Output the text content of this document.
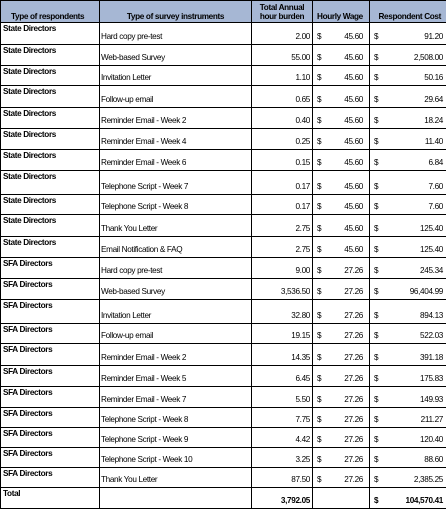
Type of respondents	Type of survey instruments	Total Annual hour burden	Hourly Wage	Respondent Cost
State Directors	Hard copy pre-test	2.00	$ 45.60	$ 91.20

State Directors	Web-based Survey	55.00	$ 45.60	$ 2,508.00

State Directors	Invitation Letter	1.10	$ 45.60	$ 50.16

State Directors	Follow-up email	0.65	$ 45.60	$ 29.64

State Directors	Reminder Email - Week 2	0.40	$ 45.60	$ 18.24

State Directors	Reminder Email - Week 4	0.25	$ 45.60	$ 11.40

State Directors	Reminder Email - Week 6	0.15	$ 45.60	$ 6.84

State Directors	Telephone Script - Week 7	0.17	$ 45.60	$ 7.60

State Directors	Telephone Script - Week 8	0.17	$ 45.60	$ 7.60

State Directors	Thank You Letter	2.75	$ 45.60	$ 125.40

State Directors	Email Notification & FAQ	2.75	$ 45.60	$ 125.40

SFA Directors	Hard copy pre-test	9.00	$ 27.26	$ 245.34

SFA Directors	Web-based Survey	3,536.50	$ 27.26	$ 96,404.99

SFA Directors	Invitation Letter	32.80	$ 27.26	$ 894.13

SFA Directors	Follow-up email	19.15	$ 27.26	$ 522.03

SFA Directors	Reminder Email - Week 2	14.35	$ 27.26	$ 391.18

SFA Directors	Reminder Email - Week 5	6.45	$ 27.26	$ 175.83

SFA Directors	Reminder Email - Week 7	5.50	$ 27.26	$ 149.93

SFA Directors	Telephone Script - Week 8	7.75	$ 27.26	$ 211.27

SFA Directors	Telephone Script - Week 9	4.42	$ 27.26	$ 120.40

SFA Directors	Telephone Script - Week 10	3.25	$ 27.26	$ 88.60

SFA Directors	Thank You Letter	87.50	$ 27.26	$ 2,385.25

Total		3,792.05		$ 104,570.41
